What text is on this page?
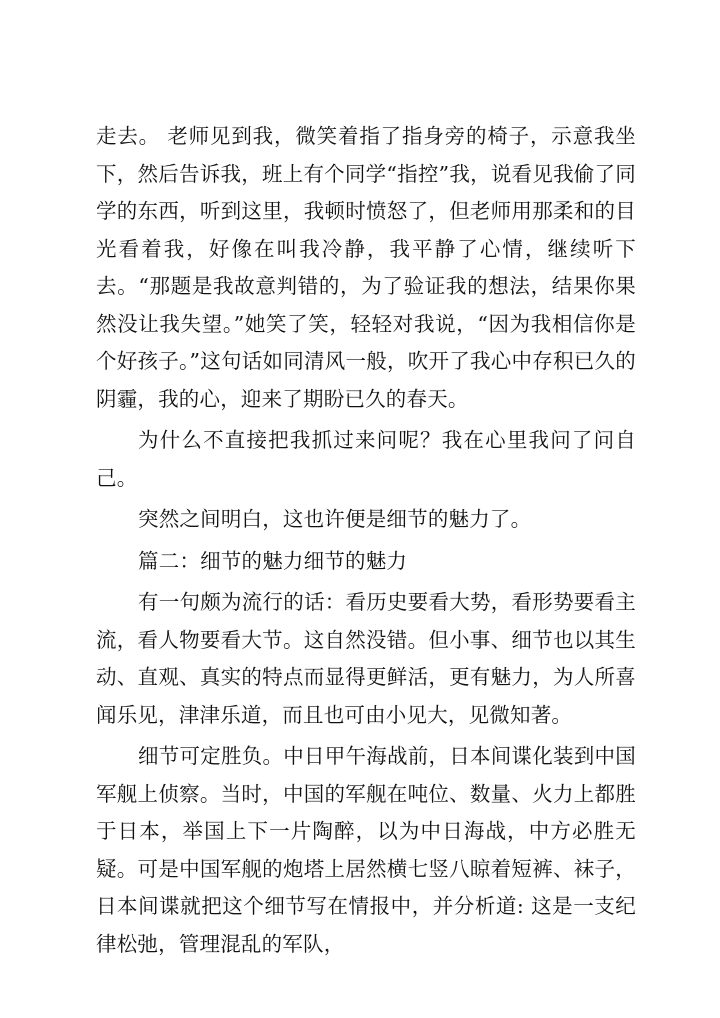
走去。 老师见到我，微笑着指了指身旁的椅子，示意我坐下，然后告诉我，班上有个同学“指控”我，说看见我偷了同学的东西，听到这里，我顿时愤怒了，但老师用那柔和的目光看着我，好像在叫我冷静，我平静了心情，继续听下去。“那题是我故意判错的，为了验证我的想法，结果你果然没让我失望。”她笑了笑，轻轻对我说，“因为我相信你是个好孩子。”这句话如同清风一般，吹开了我心中存积已久的阴霾，我的心，迎来了期盼已久的春天。

为什么不直接把我抓过来问呢？我在心里我问了问自己。

突然之间明白，这也许便是细节的魅力了。

篇二：细节的魅力细节的魅力

有一句颇为流行的话：看历史要看大势，看形势要看主流，看人物要看大节。这自然没错。但小事、细节也以其生动、直观、真实的特点而显得更鲜活，更有魅力，为人所喜闻乐见，津津乐道，而且也可由小见大，见微知著。

细节可定胜负。中日甲午海战前，日本间谍化装到中国军舰上侦察。当时，中国的军舰在吨位、数量、火力上都胜于日本，举国上下一片陶醉，以为中日海战，中方必胜无疑。可是中国军舰的炮塔上居然横七竖八晾着短裤、袜子，日本间谍就把这个细节写在情报中，并分析道: 这是一支纪律松弛，管理混乱的军队，
